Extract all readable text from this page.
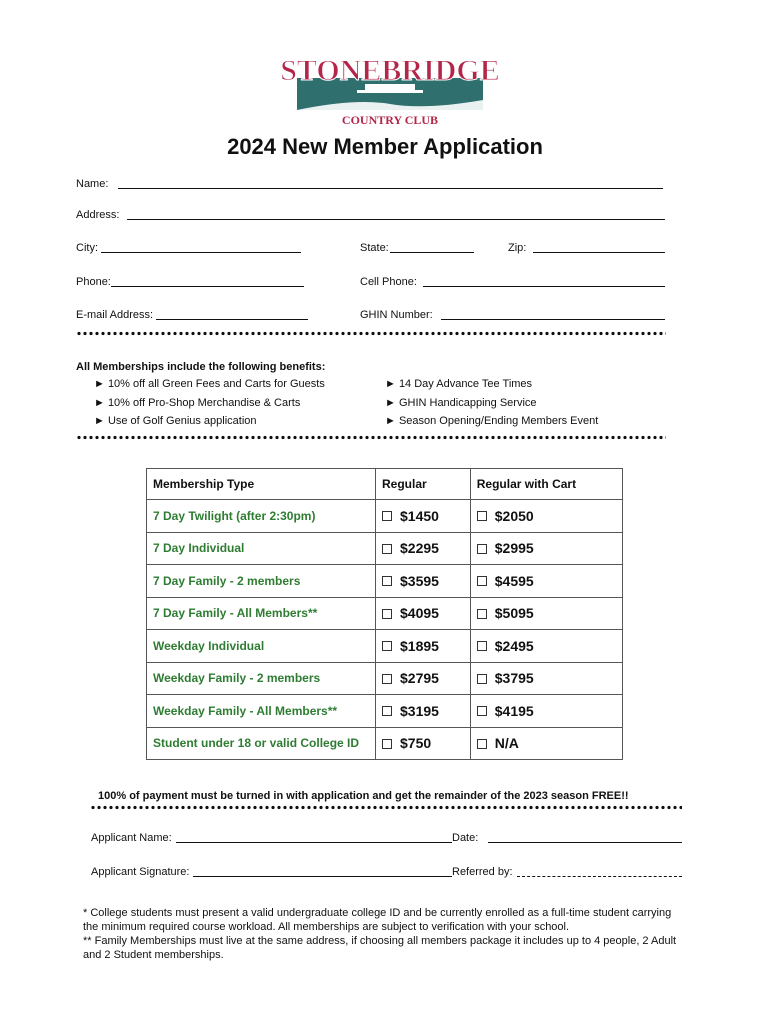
STONEBRIDGE
COUNTRY CLUB
2024 New Member Application
Name:
Address:
City:	State:	Zip:
Phone:	Cell Phone:
E-mail Address:	GHIN Number:
All Memberships include the following benefits:
► 10% off all Green Fees and Carts for Guests
► 10% off Pro-Shop Merchandise & Carts
► Use of Golf Genius application
► 14 Day Advance Tee Times
► GHIN Handicapping Service
► Season Opening/Ending Members Event
Membership Type	Regular	Regular with Cart
7 Day Twilight (after 2:30pm)	$1450	$2050
7 Day Individual	$2295	$2995
7 Day Family - 2 members	$3595	$4595
7 Day Family - All Members**	$4095	$5095
Weekday Individual	$1895	$2495
Weekday Family - 2 members	$2795	$3795
Weekday Family - All Members**	$3195	$4195
Student under 18 or valid College ID	$750	N/A
100% of payment must be turned in with application and get the remainder of the 2023 season FREE!!
Applicant Name:	Date:
Applicant Signature:	Referred by:
* College students must present a valid undergraduate college ID and be currently enrolled as a full-time student carrying the minimum required course workload. All memberships are subject to verification with your school.
** Family Memberships must live at the same address, if choosing all members package it includes up to 4 people, 2 Adult and 2 Student memberships.
